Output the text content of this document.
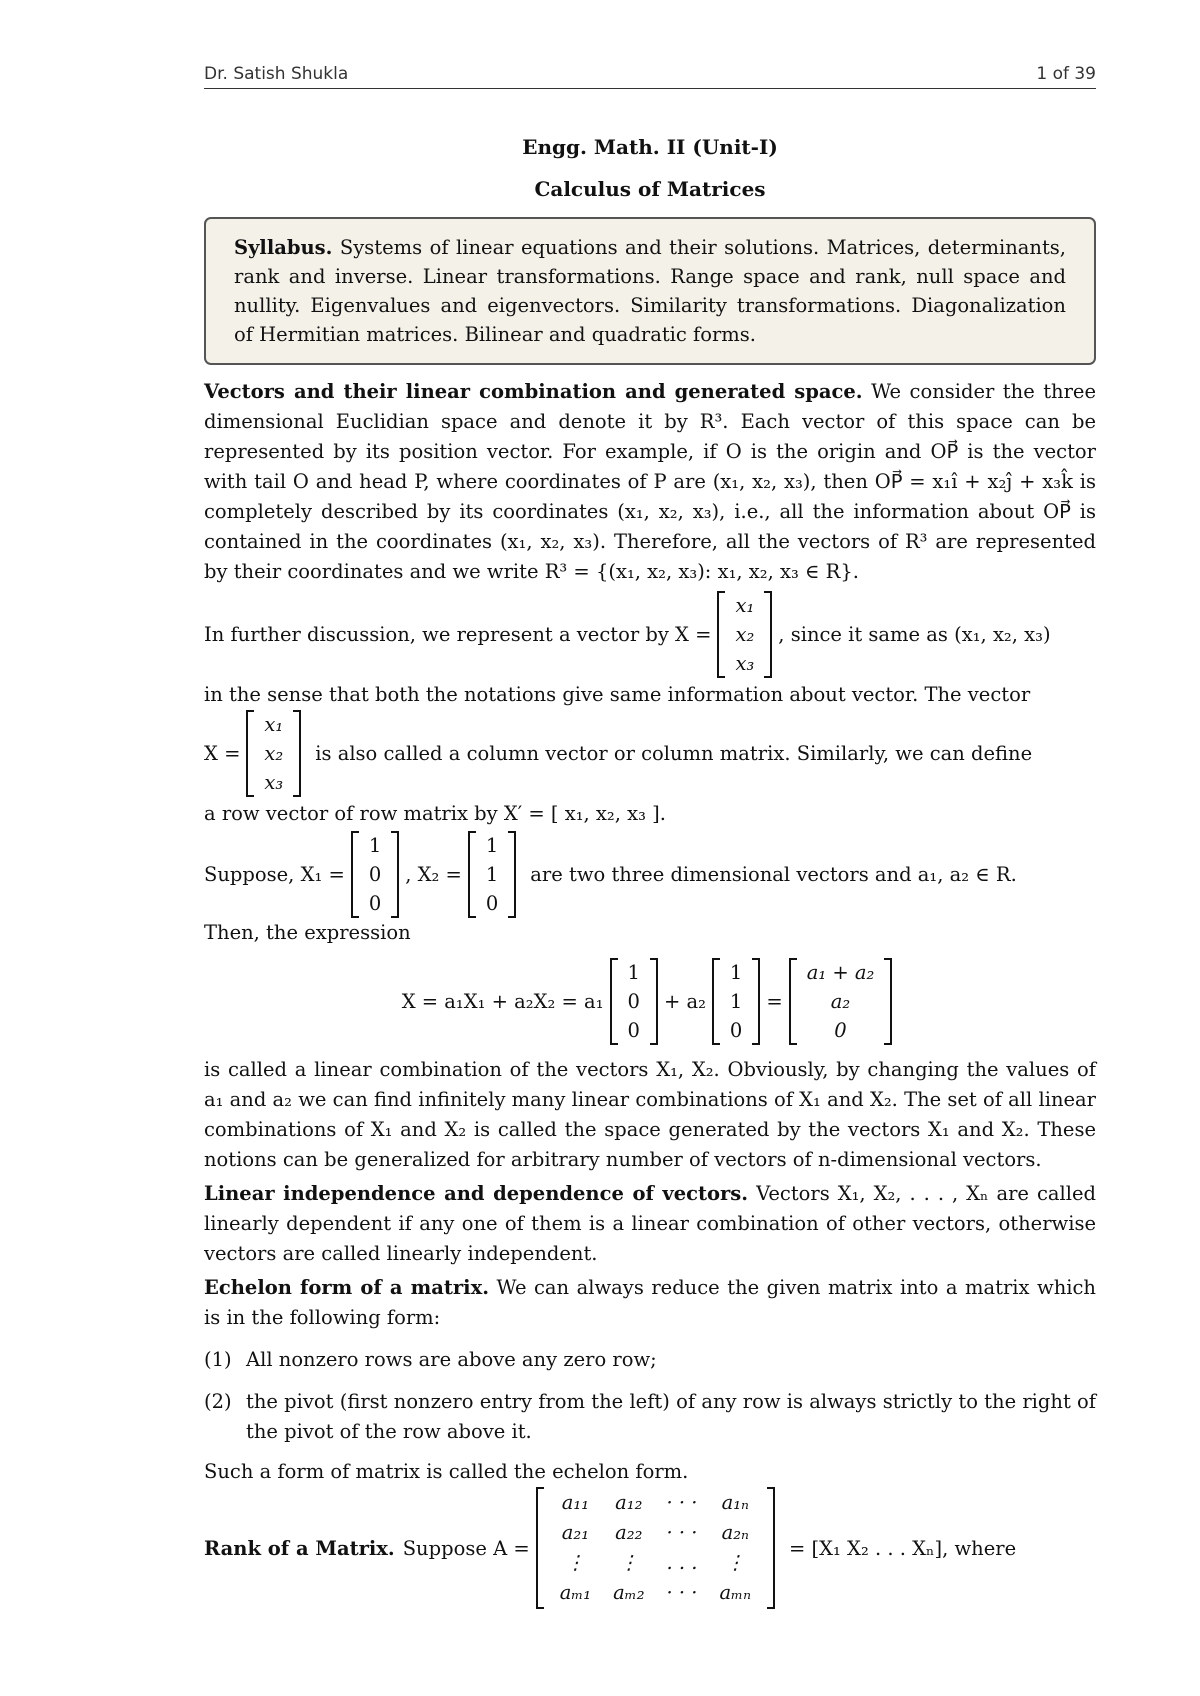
Dr. Satish Shukla	1 of 39
Engg. Math. II (Unit-I)
Calculus of Matrices
Syllabus. Systems of linear equations and their solutions. Matrices, determinants, rank and inverse. Linear transformations. Range space and rank, null space and nullity. Eigenvalues and eigenvectors. Similarity transformations. Diagonalization of Hermitian matrices. Bilinear and quadratic forms.
Vectors and their linear combination and generated space. We consider the three dimensional Euclidian space and denote it by R³. Each vector of this space can be represented by its position vector. For example, if O is the origin and OP⃗ is the vector with tail O and head P, where coordinates of P are (x₁, x₂, x₃), then OP⃗ = x₁î + x₂ĵ + x₃k̂ is completely described by its coordinates (x₁, x₂, x₃), i.e., all the information about OP⃗ is contained in the coordinates (x₁, x₂, x₃). Therefore, all the vectors of R³ are represented by their coordinates and we write R³ = {(x₁, x₂, x₃): x₁, x₂, x₃ ∈ R}.
In further discussion, we represent a vector by X =
x₁
x₂
x₃
, since it same as (x₁, x₂, x₃)
in the sense that both the notations give same information about vector. The vector
X =
x₁
x₂
x₃
is also called a column vector or column matrix. Similarly, we can define
a row vector of row matrix by X′ = [ x₁, x₂, x₃ ].
Suppose, X₁ =
1
0
0
, X₂ =
1
1
0
are two three dimensional vectors and a₁, a₂ ∈ R.
Then, the expression
X = a₁X₁ + a₂X₂ = a₁
1
0
0
+ a₂
1
1
0
=
a₁ + a₂
a₂
0
is called a linear combination of the vectors X₁, X₂. Obviously, by changing the values of a₁ and a₂ we can find infinitely many linear combinations of X₁ and X₂. The set of all linear combinations of X₁ and X₂ is called the space generated by the vectors X₁ and X₂. These notions can be generalized for arbitrary number of vectors of n-dimensional vectors.
Linear independence and dependence of vectors. Vectors X₁, X₂, . . . , Xₙ are called linearly dependent if any one of them is a linear combination of other vectors, otherwise vectors are called linearly independent.
Echelon form of a matrix. We can always reduce the given matrix into a matrix which is in the following form:
(1) All nonzero rows are above any zero row;
(2) the pivot (first nonzero entry from the left) of any row is always strictly to the right of the pivot of the row above it.
Such a form of matrix is called the echelon form.
Rank of a Matrix. Suppose A =
a₁₁ a₁₂ · · · a₁ₙ
a₂₁ a₂₂ · · · a₂ₙ
⋮	⋮	. . .	⋮
aₘ₁ aₘ₂ · · · aₘₙ
= [X₁ X₂ . . . Xₙ], where
